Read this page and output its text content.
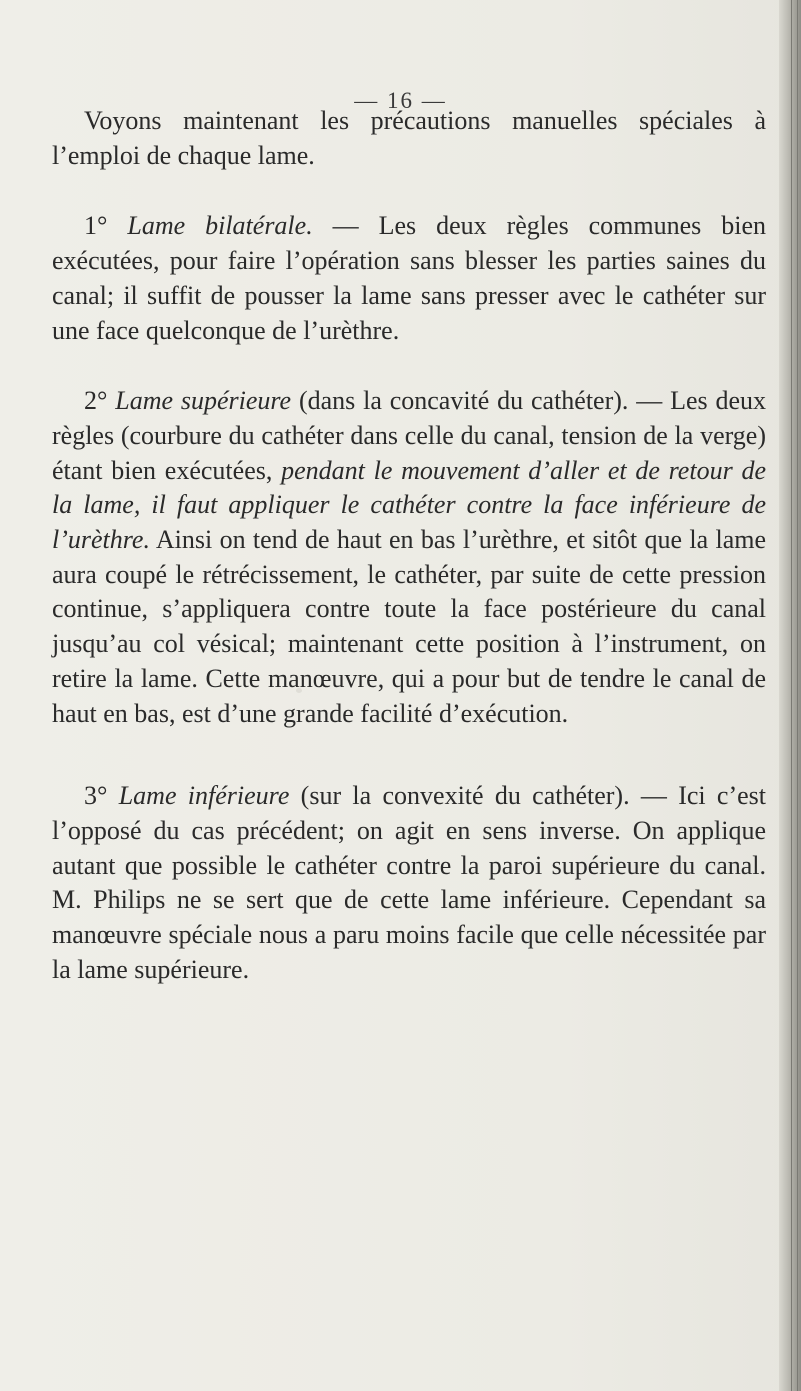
— 16 —

Voyons maintenant les précautions manuelles spéciales à l’emploi de chaque lame.

1° Lame bilatérale. — Les deux règles communes bien exécutées, pour faire l’opération sans blesser les parties saines du canal; il suffit de pousser la lame sans presser avec le cathéter sur une face quelconque de l’urèthre.

2° Lame supérieure (dans la concavité du cathéter). — Les deux règles (courbure du cathéter dans celle du canal, tension de la verge) étant bien exécutées, pendant le mouvement d’aller et de retour de la lame, il faut appliquer le cathéter contre la face inférieure de l’urèthre. Ainsi on tend de haut en bas l’urèthre, et sitôt que la lame aura coupé le rétrécissement, le cathéter, par suite de cette pression continue, s’appliquera contre toute la face postérieure du canal jusqu’au col vésical; maintenant cette position à l’instrument, on retire la lame. Cette manœuvre, qui a pour but de tendre le canal de haut en bas, est d’une grande facilité d’exécution.

3° Lame inférieure (sur la convexité du cathéter). — Ici c’est l’opposé du cas précédent; on agit en sens inverse. On applique autant que possible le cathéter contre la paroi supérieure du canal. M. Philips ne se sert que de cette lame inférieure. Cependant sa manœuvre spéciale nous a paru moins facile que celle nécessitée par la lame supérieure.
